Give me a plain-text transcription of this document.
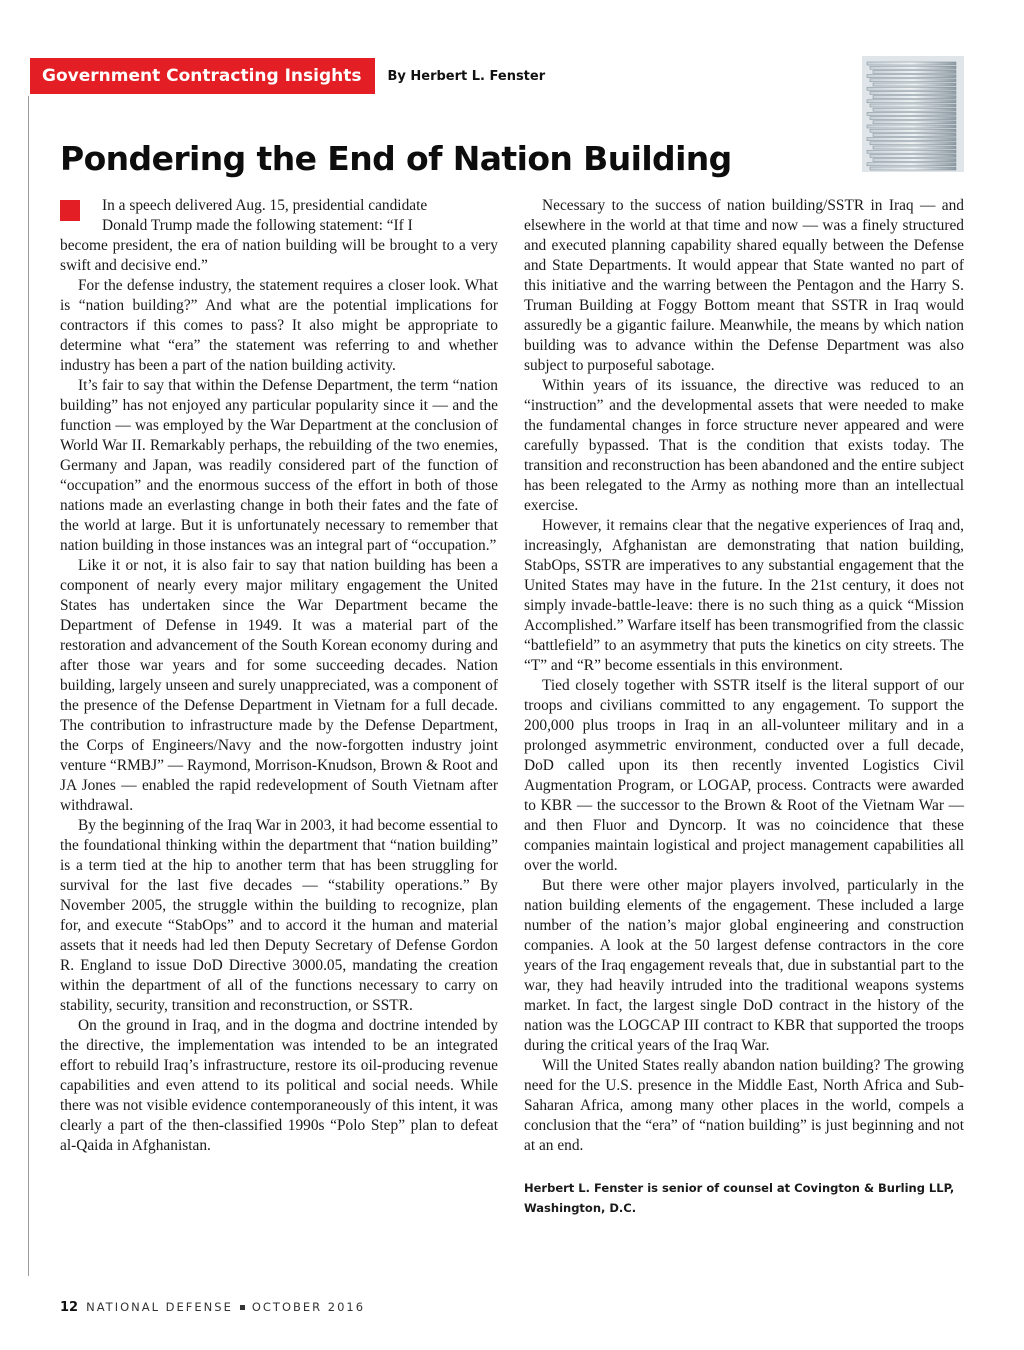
Government Contracting Insights	By Herbert L. Fenster
Pondering the End of Nation Building

In a speech delivered Aug. 15, presidential candidate
Donald Trump made the following statement: “If I
become president, the era of nation building will be brought to a very swift and decisive end.”

For the defense industry, the statement requires a closer look. What is “nation building?” And what are the potential implications for contractors if this comes to pass? It also might be appropriate to determine what “era” the statement was referring to and whether industry has been a part of the nation building activity.

It’s fair to say that within the Defense Department, the term “nation building” has not enjoyed any particular popularity since it — and the function — was employed by the War Department at the conclusion of World War II. Remarkably perhaps, the rebuilding of the two enemies, Germany and Japan, was readily considered part of the function of “occupation” and the enormous success of the effort in both of those nations made an everlasting change in both their fates and the fate of the world at large. But it is unfortunately necessary to remember that nation building in those instances was an integral part of “occupation.”

Like it or not, it is also fair to say that nation building has been a component of nearly every major military engagement the United States has undertaken since the War Department became the Department of Defense in 1949. It was a material part of the restoration and advancement of the South Korean economy during and after those war years and for some succeeding decades. Nation building, largely unseen and surely unappreciated, was a component of the presence of the Defense Department in Vietnam for a full decade. The contribution to infrastructure made by the Defense Department, the Corps of Engineers/Navy and the now-forgotten industry joint venture “RMBJ” — Raymond, Morrison-Knudson, Brown & Root and JA Jones — enabled the rapid redevelopment of South Vietnam after withdrawal.

By the beginning of the Iraq War in 2003, it had become essential to the foundational thinking within the department that “nation building” is a term tied at the hip to another term that has been struggling for survival for the last five decades — “stability operations.” By November 2005, the struggle within the building to recognize, plan for, and execute “StabOps” and to accord it the human and material assets that it needs had led then Deputy Secretary of Defense Gordon R. England to issue DoD Directive 3000.05, mandating the creation within the department of all of the functions necessary to carry on stability, security, transition and reconstruction, or SSTR.

On the ground in Iraq, and in the dogma and doctrine intended by the directive, the implementation was intended to be an integrated effort to rebuild Iraq’s infrastructure, restore its oil-producing revenue capabilities and even attend to its political and social needs. While there was not visible evidence contemporaneously of this intent, it was clearly a part of the then-classified 1990s “Polo Step” plan to defeat al-Qaida in Afghanistan.

Necessary to the success of nation building/SSTR in Iraq — and elsewhere in the world at that time and now — was a finely structured and executed planning capability shared equally between the Defense and State Departments. It would appear that State wanted no part of this initiative and the warring between the Pentagon and the Harry S. Truman Building at Foggy Bottom meant that SSTR in Iraq would assuredly be a gigantic failure. Meanwhile, the means by which nation building was to advance within the Defense Department was also subject to purposeful sabotage.

Within years of its issuance, the directive was reduced to an “instruction” and the developmental assets that were needed to make the fundamental changes in force structure never appeared and were carefully bypassed. That is the condition that exists today. The transition and reconstruction has been abandoned and the entire subject has been relegated to the Army as nothing more than an intellectual exercise.

However, it remains clear that the negative experiences of Iraq and, increasingly, Afghanistan are demonstrating that nation building, StabOps, SSTR are imperatives to any substantial engagement that the United States may have in the future. In the 21st century, it does not simply invade-battle-leave: there is no such thing as a quick “Mission Accomplished.” Warfare itself has been transmogrified from the classic “battlefield” to an asymmetry that puts the kinetics on city streets. The “T” and “R” become essentials in this environment.

Tied closely together with SSTR itself is the literal support of our troops and civilians committed to any engagement. To support the 200,000 plus troops in Iraq in an all-volunteer military and in a prolonged asymmetric environment, conducted over a full decade, DoD called upon its then recently invented Logistics Civil Augmentation Program, or LOGAP, process. Contracts were awarded to KBR — the successor to the Brown & Root of the Vietnam War — and then Fluor and Dyncorp. It was no coincidence that these companies maintain logistical and project management capabilities all over the world.

But there were other major players involved, particularly in the nation building elements of the engagement. These included a large number of the nation’s major global engineering and construction companies. A look at the 50 largest defense contractors in the core years of the Iraq engagement reveals that, due in substantial part to the war, they had heavily intruded into the traditional weapons systems market. In fact, the largest single DoD contract in the history of the nation was the LOGCAP III contract to KBR that supported the troops during the critical years of the Iraq War.

Will the United States really abandon nation building? The growing need for the U.S. presence in the Middle East, North Africa and Sub-Saharan Africa, among many other places in the world, compels a conclusion that the “era” of “nation building” is just beginning and not at an end.

Herbert L. Fenster is senior of counsel at Covington & Burling LLP, Washington, D.C.
12 NATIONAL DEFENSE OCTOBER 2016
